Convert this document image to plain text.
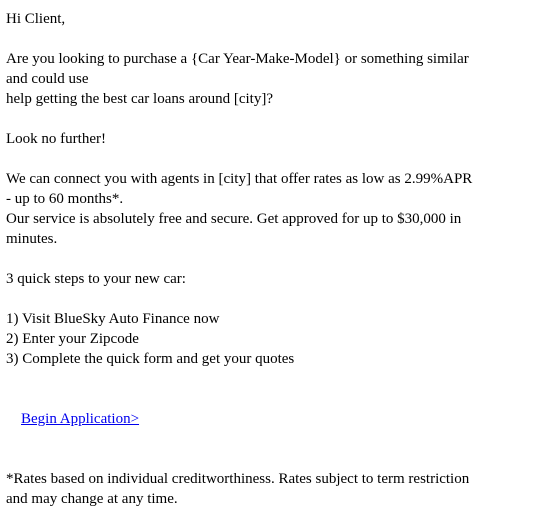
Hi Client,
Are you looking to purchase a {Car Year-Make-Model} or something similar
and could use
help getting the best car loans around [city]?
Look no further!
We can connect you with agents in [city] that offer rates as low as 2.99%APR
- up to 60 months*.
Our service is absolutely free and secure. Get approved for up to $30,000 in
minutes.
3 quick steps to your new car:
1) Visit BlueSky Auto Finance now
2) Enter your Zipcode
3) Complete the quick form and get your quotes

Begin Application>

*Rates based on individual creditworthiness. Rates subject to term restriction
and may change at any time.
